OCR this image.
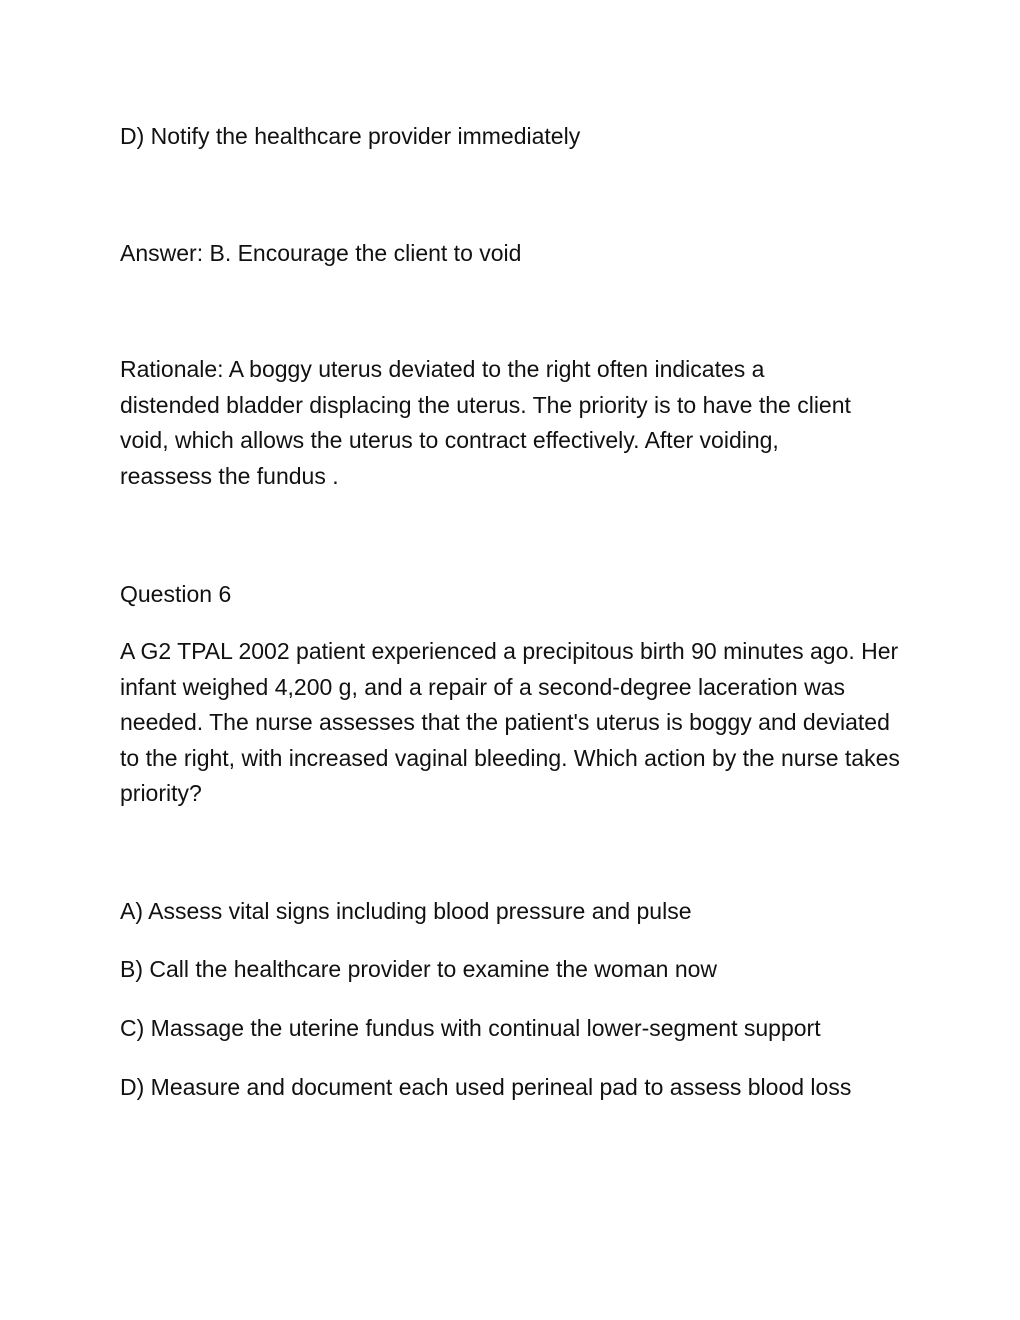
D) Notify the healthcare provider immediately

Answer: B. Encourage the client to void

Rationale: A boggy uterus deviated to the right often indicates a distended bladder displacing the uterus. The priority is to have the client void, which allows the uterus to contract effectively. After voiding, reassess the fundus .

Question 6

A G2 TPAL 2002 patient experienced a precipitous birth 90 minutes ago. Her infant weighed 4,200 g, and a repair of a second-degree laceration was needed. The nurse assesses that the patient's uterus is boggy and deviated to the right, with increased vaginal bleeding. Which action by the nurse takes priority?

A) Assess vital signs including blood pressure and pulse

B) Call the healthcare provider to examine the woman now

C) Massage the uterine fundus with continual lower-segment support

D) Measure and document each used perineal pad to assess blood loss
